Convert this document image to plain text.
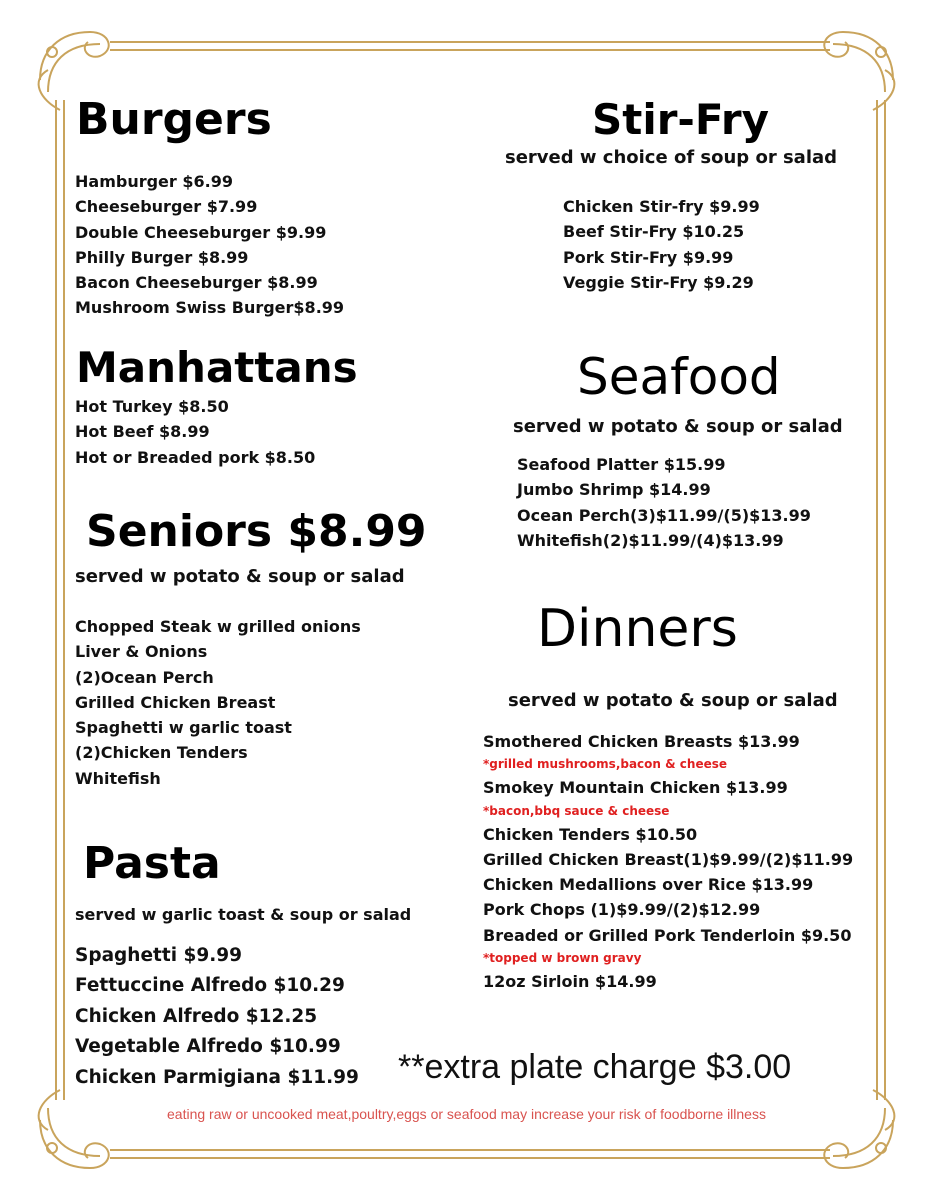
Burgers
Hamburger $6.99
Cheeseburger $7.99
Double Cheeseburger $9.99
Philly Burger $8.99
Bacon Cheeseburger $8.99
Mushroom Swiss Burger$8.99
Manhattans
Hot Turkey $8.50
Hot Beef $8.99
Hot or Breaded pork $8.50
Seniors $8.99
served w potato & soup or salad
Chopped Steak w grilled onions
Liver & Onions
(2)Ocean Perch
Grilled Chicken Breast
Spaghetti w garlic toast
(2)Chicken Tenders
Whitefish
Pasta
served w garlic toast & soup or salad
Spaghetti $9.99
Fettuccine Alfredo $10.29
Chicken Alfredo $12.25
Vegetable Alfredo $10.99
Chicken Parmigiana $11.99
Stir-Fry
served w choice of soup or salad
Chicken Stir-fry $9.99
Beef Stir-Fry $10.25
Pork Stir-Fry $9.99
Veggie Stir-Fry $9.29
Seafood
served w potato & soup or salad
Seafood Platter $15.99
Jumbo Shrimp $14.99
Ocean Perch(3)$11.99/(5)$13.99
Whitefish(2)$11.99/(4)$13.99
Dinners
served w potato & soup or salad
Smothered Chicken Breasts $13.99
*grilled mushrooms,bacon & cheese
Smokey Mountain Chicken $13.99
*bacon,bbq sauce & cheese
Chicken Tenders $10.50
Grilled Chicken Breast(1)$9.99/(2)$11.99
Chicken Medallions over Rice $13.99
Pork Chops (1)$9.99/(2)$12.99
Breaded or Grilled Pork Tenderloin $9.50
*topped w brown gravy
12oz Sirloin $14.99
**extra plate charge $3.00
eating raw or uncooked meat,poultry,eggs or seafood may increase your risk of foodborne illness
